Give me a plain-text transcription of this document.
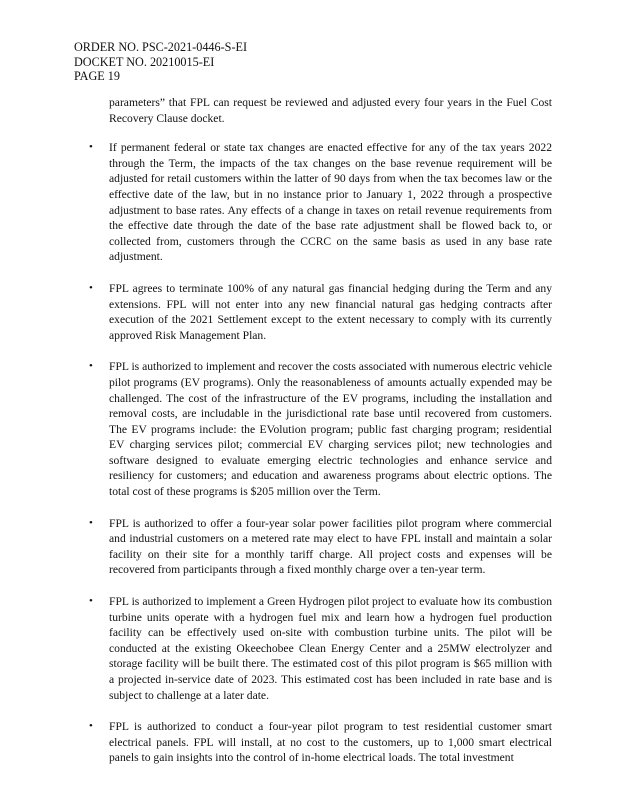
ORDER NO. PSC-2021-0446-S-EI
DOCKET NO. 20210015-EI
PAGE 19

parameters” that FPL can request be reviewed and adjusted every four years in the Fuel Cost Recovery Clause docket.

• If permanent federal or state tax changes are enacted effective for any of the tax years 2022 through the Term, the impacts of the tax changes on the base revenue requirement will be adjusted for retail customers within the latter of 90 days from when the tax becomes law or the effective date of the law, but in no instance prior to January 1, 2022 through a prospective adjustment to base rates. Any effects of a change in taxes on retail revenue requirements from the effective date through the date of the base rate adjustment shall be flowed back to, or collected from, customers through the CCRC on the same basis as used in any base rate adjustment.
• FPL agrees to terminate 100% of any natural gas financial hedging during the Term and any extensions. FPL will not enter into any new financial natural gas hedging contracts after execution of the 2021 Settlement except to the extent necessary to comply with its currently approved Risk Management Plan.
• FPL is authorized to implement and recover the costs associated with numerous electric vehicle pilot programs (EV programs). Only the reasonableness of amounts actually expended may be challenged. The cost of the infrastructure of the EV programs, including the installation and removal costs, are includable in the jurisdictional rate base until recovered from customers. The EV programs include: the EVolution program; public fast charging program; residential EV charging services pilot; commercial EV charging services pilot; new technologies and software designed to evaluate emerging electric technologies and enhance service and resiliency for customers; and education and awareness programs about electric options. The total cost of these programs is $205 million over the Term.
• FPL is authorized to offer a four-year solar power facilities pilot program where commercial and industrial customers on a metered rate may elect to have FPL install and maintain a solar facility on their site for a monthly tariff charge. All project costs and expenses will be recovered from participants through a fixed monthly charge over a ten-year term.
• FPL is authorized to implement a Green Hydrogen pilot project to evaluate how its combustion turbine units operate with a hydrogen fuel mix and learn how a hydrogen fuel production facility can be effectively used on-site with combustion turbine units. The pilot will be conducted at the existing Okeechobee Clean Energy Center and a 25MW electrolyzer and storage facility will be built there. The estimated cost of this pilot program is $65 million with a projected in-service date of 2023. This estimated cost has been included in rate base and is subject to challenge at a later date.
• FPL is authorized to conduct a four-year pilot program to test residential customer smart electrical panels. FPL will install, at no cost to the customers, up to 1,000 smart electrical panels to gain insights into the control of in-home electrical loads. The total investment
